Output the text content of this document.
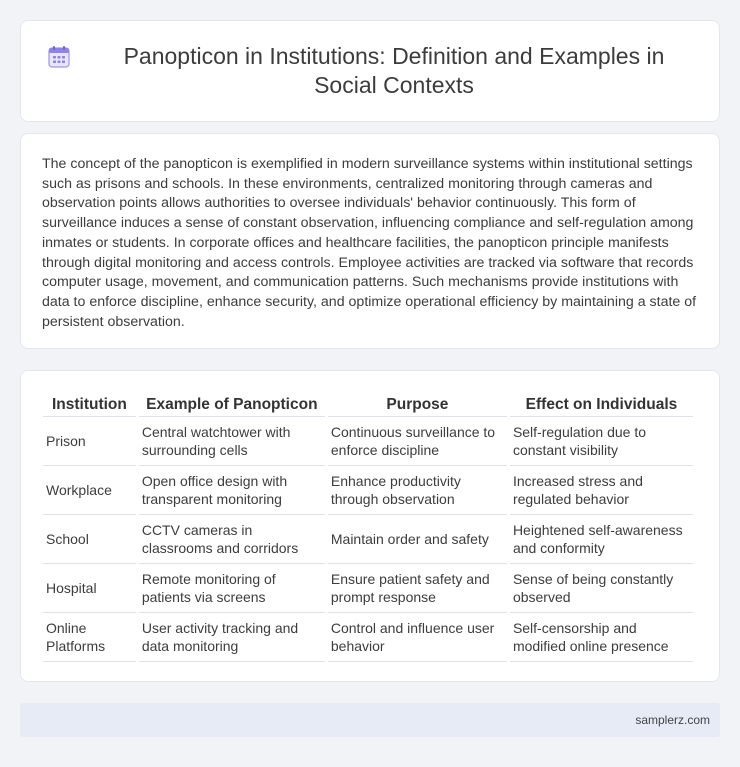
Panopticon in Institutions: Definition and Examples in Social Contexts

The concept of the panopticon is exemplified in modern surveillance systems within institutional settings such as prisons and schools. In these environments, centralized monitoring through cameras and observation points allows authorities to oversee individuals' behavior continuously. This form of surveillance induces a sense of constant observation, influencing compliance and self-regulation among inmates or students. In corporate offices and healthcare facilities, the panopticon principle manifests through digital monitoring and access controls. Employee activities are tracked via software that records computer usage, movement, and communication patterns. Such mechanisms provide institutions with data to enforce discipline, enhance security, and optimize operational efficiency by maintaining a state of persistent observation.

Institution	Example of Panopticon	Purpose	Effect on Individuals
Prison	Central watchtower with surrounding cells	Continuous surveillance to enforce discipline	Self-regulation due to constant visibility
Workplace	Open office design with transparent monitoring	Enhance productivity through observation	Increased stress and regulated behavior
School	CCTV cameras in classrooms and corridors	Maintain order and safety	Heightened self-awareness and conformity
Hospital	Remote monitoring of patients via screens	Ensure patient safety and prompt response	Sense of being constantly observed
Online Platforms	User activity tracking and data monitoring	Control and influence user behavior	Self-censorship and modified online presence
samplerz.com
